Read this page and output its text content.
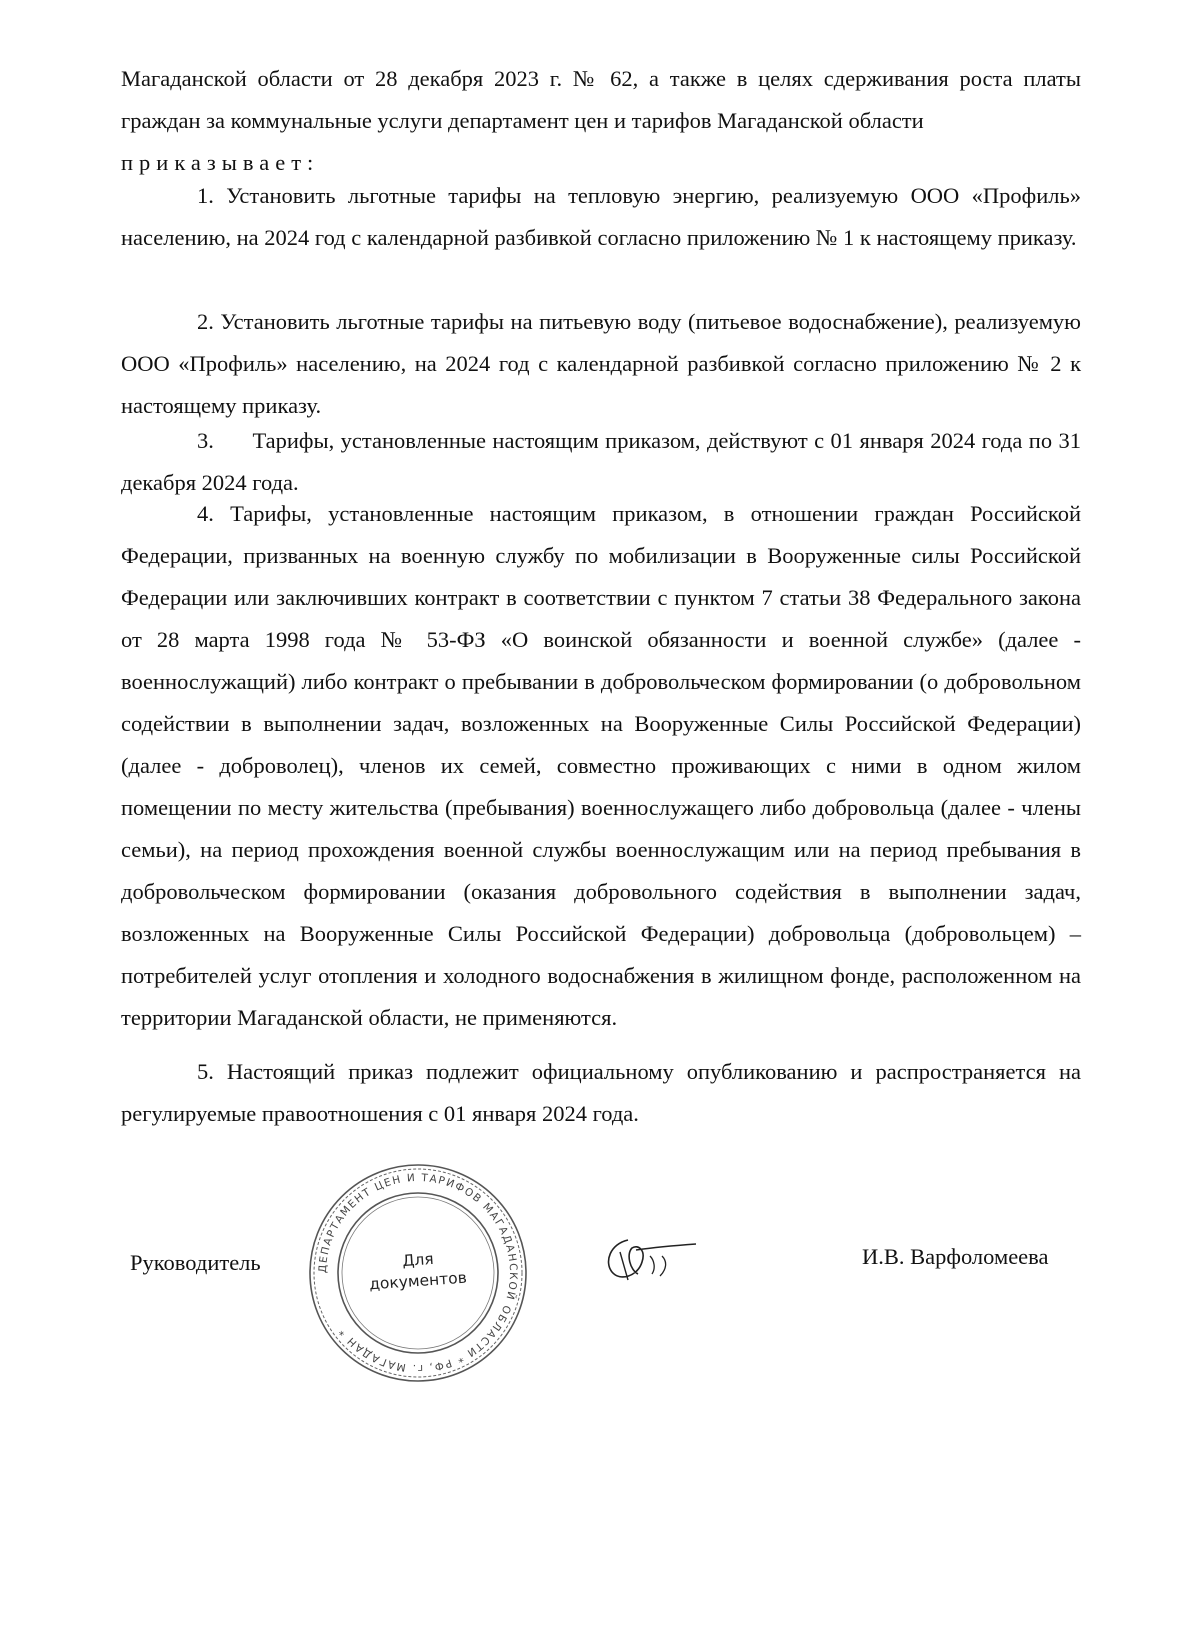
Магаданской области от 28 декабря 2023 г. № 62, а также в целях сдерживания роста платы граждан за коммунальные услуги департамент цен и тарифов Магаданской области
приказывает:

1. Установить льготные тарифы на тепловую энергию, реализуемую ООО «Профиль» населению, на 2024 год с календарной разбивкой согласно приложению № 1 к настоящему приказу.

2. Установить льготные тарифы на питьевую воду (питьевое водоснабжение), реализуемую ООО «Профиль» населению, на 2024 год с календарной разбивкой согласно приложению № 2 к настоящему приказу.

3.      Тарифы, установленные настоящим приказом, действуют с 01 января 2024 года по 31 декабря 2024 года.

4. Тарифы, установленные настоящим приказом, в отношении граждан Российской Федерации, призванных на военную службу по мобилизации в Вооруженные силы Российской Федерации или заключивших контракт в соответствии с пунктом 7 статьи 38 Федерального закона от 28 марта 1998 года № 53-ФЗ «О воинской обязанности и военной службе» (далее - военнослужащий) либо контракт о пребывании в добровольческом формировании (о добровольном содействии в выполнении задач, возложенных на Вооруженные Силы Российской Федерации) (далее - доброволец), членов их семей, совместно проживающих с ними в одном жилом помещении по месту жительства (пребывания) военнослужащего либо добровольца (далее - члены семьи), на период прохождения военной службы военнослужащим или на период пребывания в добровольческом формировании (оказания добровольного содействия в выполнении задач, возложенных на Вооруженные Силы Российской Федерации) добровольца (добровольцем) – потребителей услуг отопления и холодного водоснабжения в жилищном фонде, расположенном на территории Магаданской области, не применяются.

5. Настоящий приказ подлежит официальному опубликованию и распространяется на регулируемые правоотношения с 01 января 2024 года.

Руководитель	ДЕПАРТАМЕНТ ЦЕН И ТАРИФОВ МАГАДАНСКОЙ ОБЛАСТИ * РФ, г. МАГАДАН *
Для
документов
И.В. Варфоломеева
